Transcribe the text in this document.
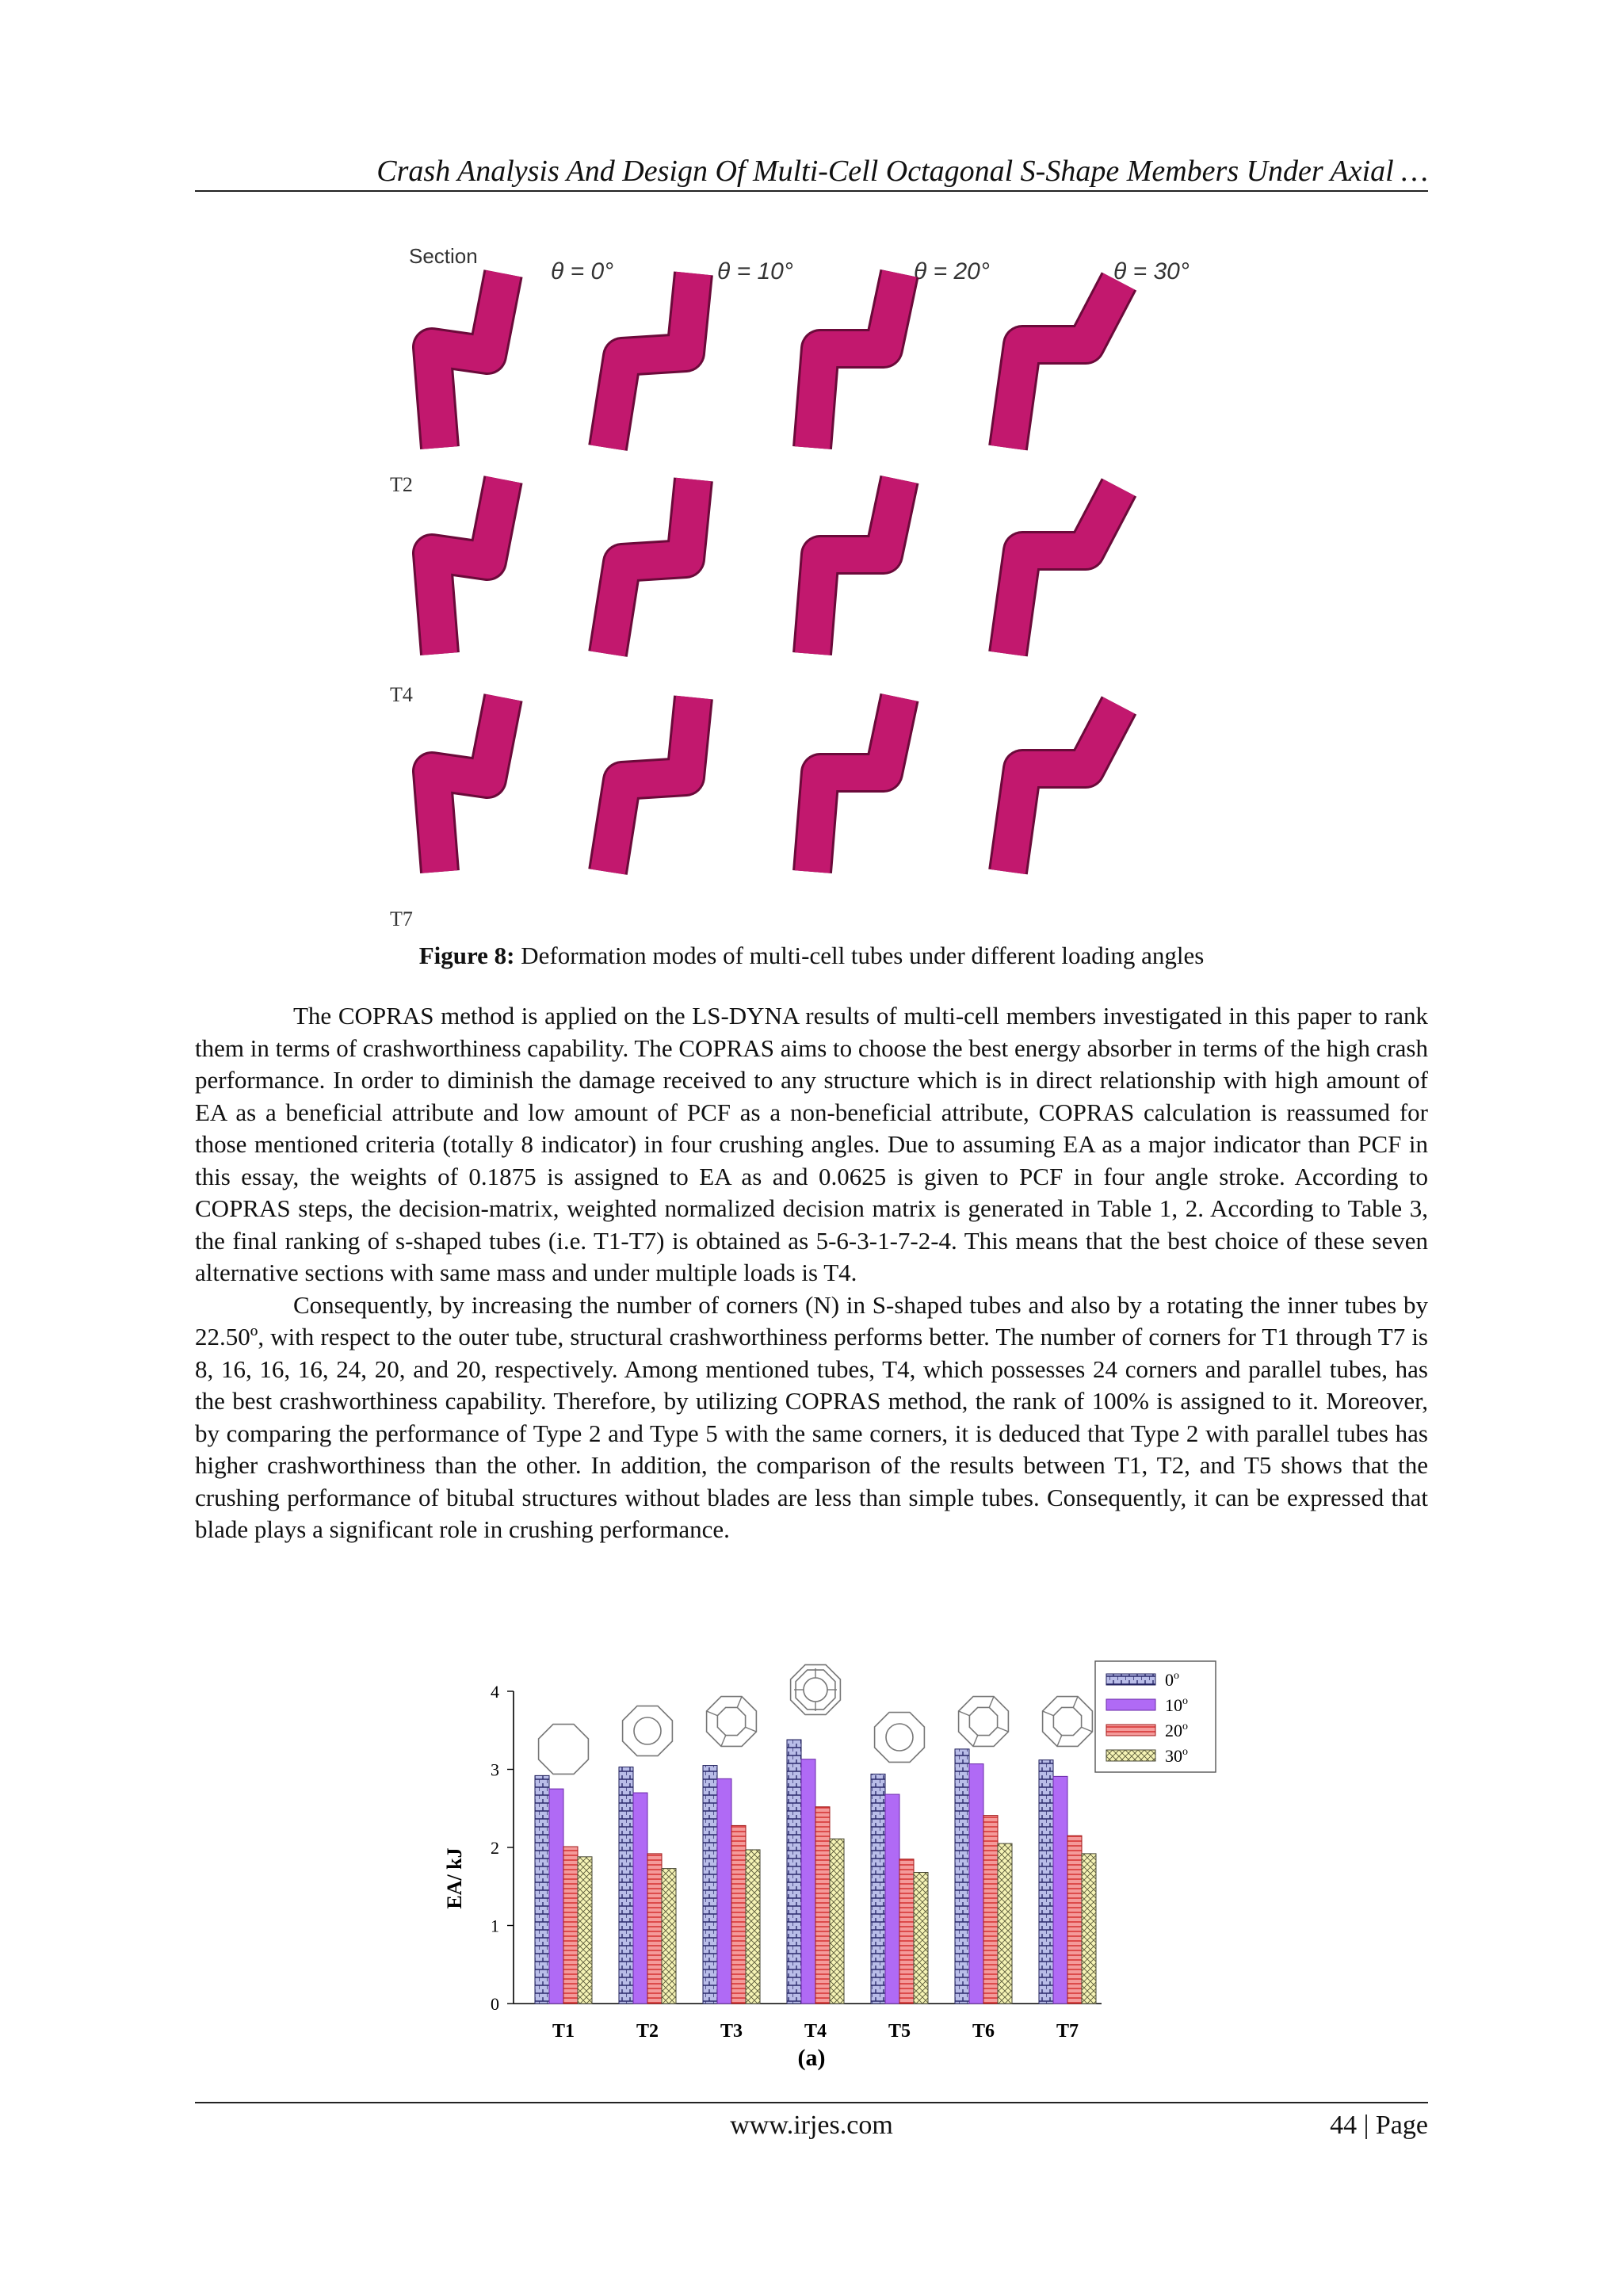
Crash Analysis And Design Of Multi-Cell Octagonal S-Shape Members Under Axial …
Section
θ = 0°	θ = 10°	θ = 20°	θ = 30°
T2
T4
T7
Figure 8: Deformation modes of multi-cell tubes under different loading angles

The COPRAS method is applied on the LS-DYNA results of multi-cell members investigated in this paper to rank them in terms of crashworthiness capability. The COPRAS aims to choose the best energy absorber in terms of the high crash performance. In order to diminish the damage received to any structure which is in direct relationship with high amount of EA as a beneficial attribute and low amount of PCF as a non-beneficial attribute, COPRAS calculation is reassumed for those mentioned criteria (totally 8 indicator) in four crushing angles. Due to assuming EA as a major indicator than PCF in this essay, the weights of 0.1875 is assigned to EA as and 0.0625 is given to PCF in four angle stroke. According to COPRAS steps, the decision-matrix, weighted normalized decision matrix is generated in Table 1, 2. According to Table 3, the final ranking of s-shaped tubes (i.e. T1-T7) is obtained as 5-6-3-1-7-2-4. This means that the best choice of these seven alternative sections with same mass and under multiple loads is T4.

Consequently, by increasing the number of corners (N) in S-shaped tubes and also by a rotating the inner tubes by 22.50º, with respect to the outer tube, structural crashworthiness performs better. The number of corners for T1 through T7 is 8, 16, 16, 16, 24, 20, and 20, respectively. Among mentioned tubes, T4, which possesses 24 corners and parallel tubes, has the best crashworthiness capability. Therefore, by utilizing COPRAS method, the rank of 100% is assigned to it. Moreover, by comparing the performance of Type 2 and Type 5 with the same corners, it is deduced that Type 2 with parallel tubes has higher crashworthiness than the other. In addition, the comparison of the results between T1, T2, and T5 shows that the crushing performance of bitubal structures without blades are less than simple tubes. Consequently, it can be expressed that blade plays a significant role in crushing performance.

EA/ kJ
(a)
0
1
2
3
4
T1	T2	T3	T4	T5	T6	T7
0$^o$
10$^o$
20$^o$
30$^o$
www.irjes.com	44 | Page
